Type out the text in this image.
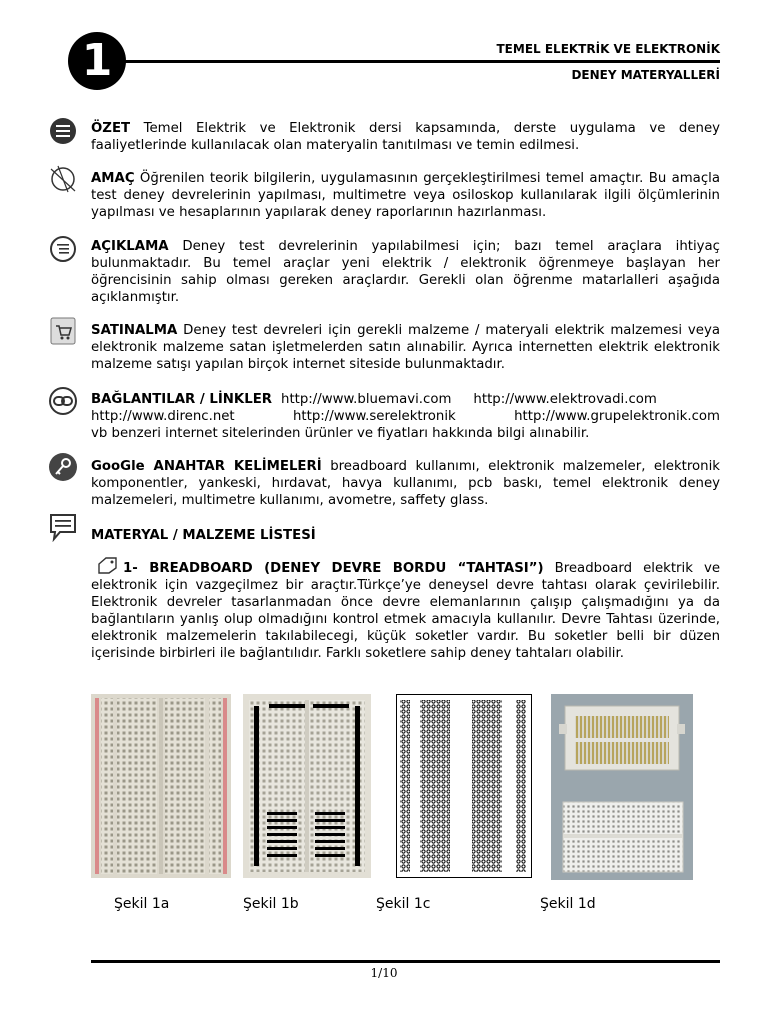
1	TEMEL ELEKTRİK VE ELEKTRONİK
DENEY MATERYALLERİ
ÖZET Temel Elektrik ve Elektronik dersi kapsamında, derste uygulama ve deney faaliyetlerinde kullanılacak olan materyalin tanıtılması ve temin edilmesi.
AMAÇ Öğrenilen teorik bilgilerin, uygulamasının gerçekleştirilmesi temel amaçtır. Bu amaçla test deney devrelerinin yapılması, multimetre veya osiloskop kullanılarak ilgili ölçümlerinin yapılması ve hesaplarının yapılarak deney raporlarının hazırlanması.
AÇIKLAMA Deney test devrelerinin yapılabilmesi için; bazı temel araçlara ihtiyaç bulunmaktadır. Bu temel araçlar yeni elektrik / elektronik öğrenmeye başlayan her öğrencisinin sahip olması gereken araçlardır. Gerekli olan öğrenme matarlalleri aşağıda açıklanmıştır.
SATINALMA Deney test devreleri için gerekli malzeme / materyali elektrik malzemesi veya elektronik malzeme satan işletmelerden satın alınabilir. Ayrıca internetten elektrik elektronik malzeme satışı yapılan birçok internet siteside bulunmaktadır.
BAĞLANTILAR / LİNKLER http://www.bluemavi.com http://www.elektrovadi.com
http://www.direnc.net	http://www.serelektronik	http://www.grupelektronik.com
vb benzeri internet sitelerinden ürünler ve fiyatları hakkında bilgi alınabilir.
GooGle ANAHTAR KELİMELERİ breadboard kullanımı, elektronik malzemeler, elektronik komponentler, yankeski, hırdavat, havya kullanımı, pcb baskı, temel elektronik deney malzemeleri, multimetre kullanımı, avometre, saffety glass.
MATERYAL / MALZEME LİSTESİ
1- BREADBOARD (DENEY DEVRE BORDU “TAHTASI”) Breadboard elektrik ve elektronik için vazgeçilmez bir araçtır.Türkçe’ye deneysel devre tahtası olarak çevirilebilir. Elektronik devreler tasarlanmadan önce devre elemanlarının çalışıp çalışmadığını ya da bağlantıların yanlış olup olmadığını kontrol etmek amacıyla kullanılır. Devre Tahtası üzerinde, elektronik malzemelerin takılabilecegi, küçük soketler vardır. Bu soketler belli bir düzen içerisinde birbirleri ile bağlantılıdır. Farklı soketlere sahip deney tahtaları olabilir.
Şekil 1a	Şekil 1b	Şekil 1c	Şekil 1d
1/10
